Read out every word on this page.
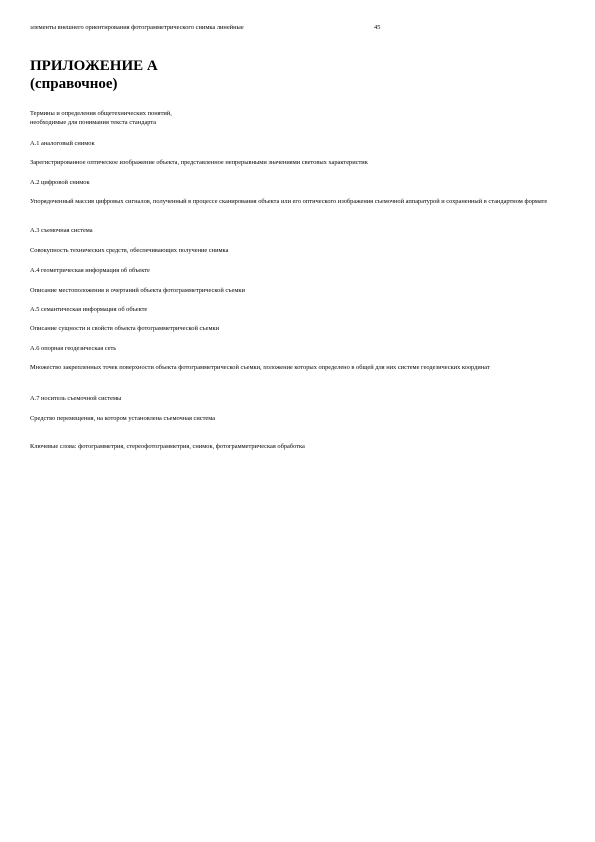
элементы внешнего ориентирования фотограмметрического снимка линейные	45
ПРИЛОЖЕНИЕ А
(справочное)
Термины и определения общетехнических понятий,
необходимые для понимания текста стандарта
А.1 аналоговый снимок
Зарегистрированное оптическое изображение объекта, представленное непрерывными значениями световых характеристик
А.2 цифровой снимок
Упорядоченный массив цифровых сигналов, полученный в процессе сканирования объекта или его оптического изображения съемочной аппаратурой и сохраненный в стандартном формате
А.3 съемочная система
Совокупность технических средств, обеспечивающих получение снимка
А.4 геометрическая информация об объекте
Описание местоположения и очертаний объекта фотограмметрической съемки
А.5 семантическая информация об объекте
Описание сущности и свойств объекта фотограмметрической съемки
А.6 опорная геодезическая сеть
Множество закрепленных точек поверхности объекта фотограмметрической съемки, положение которых определено в общей для них системе геодезических координат
А.7 носитель съемочной системы
Средство перемещения, на котором установлена съемочная система
Ключевые слова: фотограмметрия, стереофотограмметрия, снимок, фотограмметрическая обработка
